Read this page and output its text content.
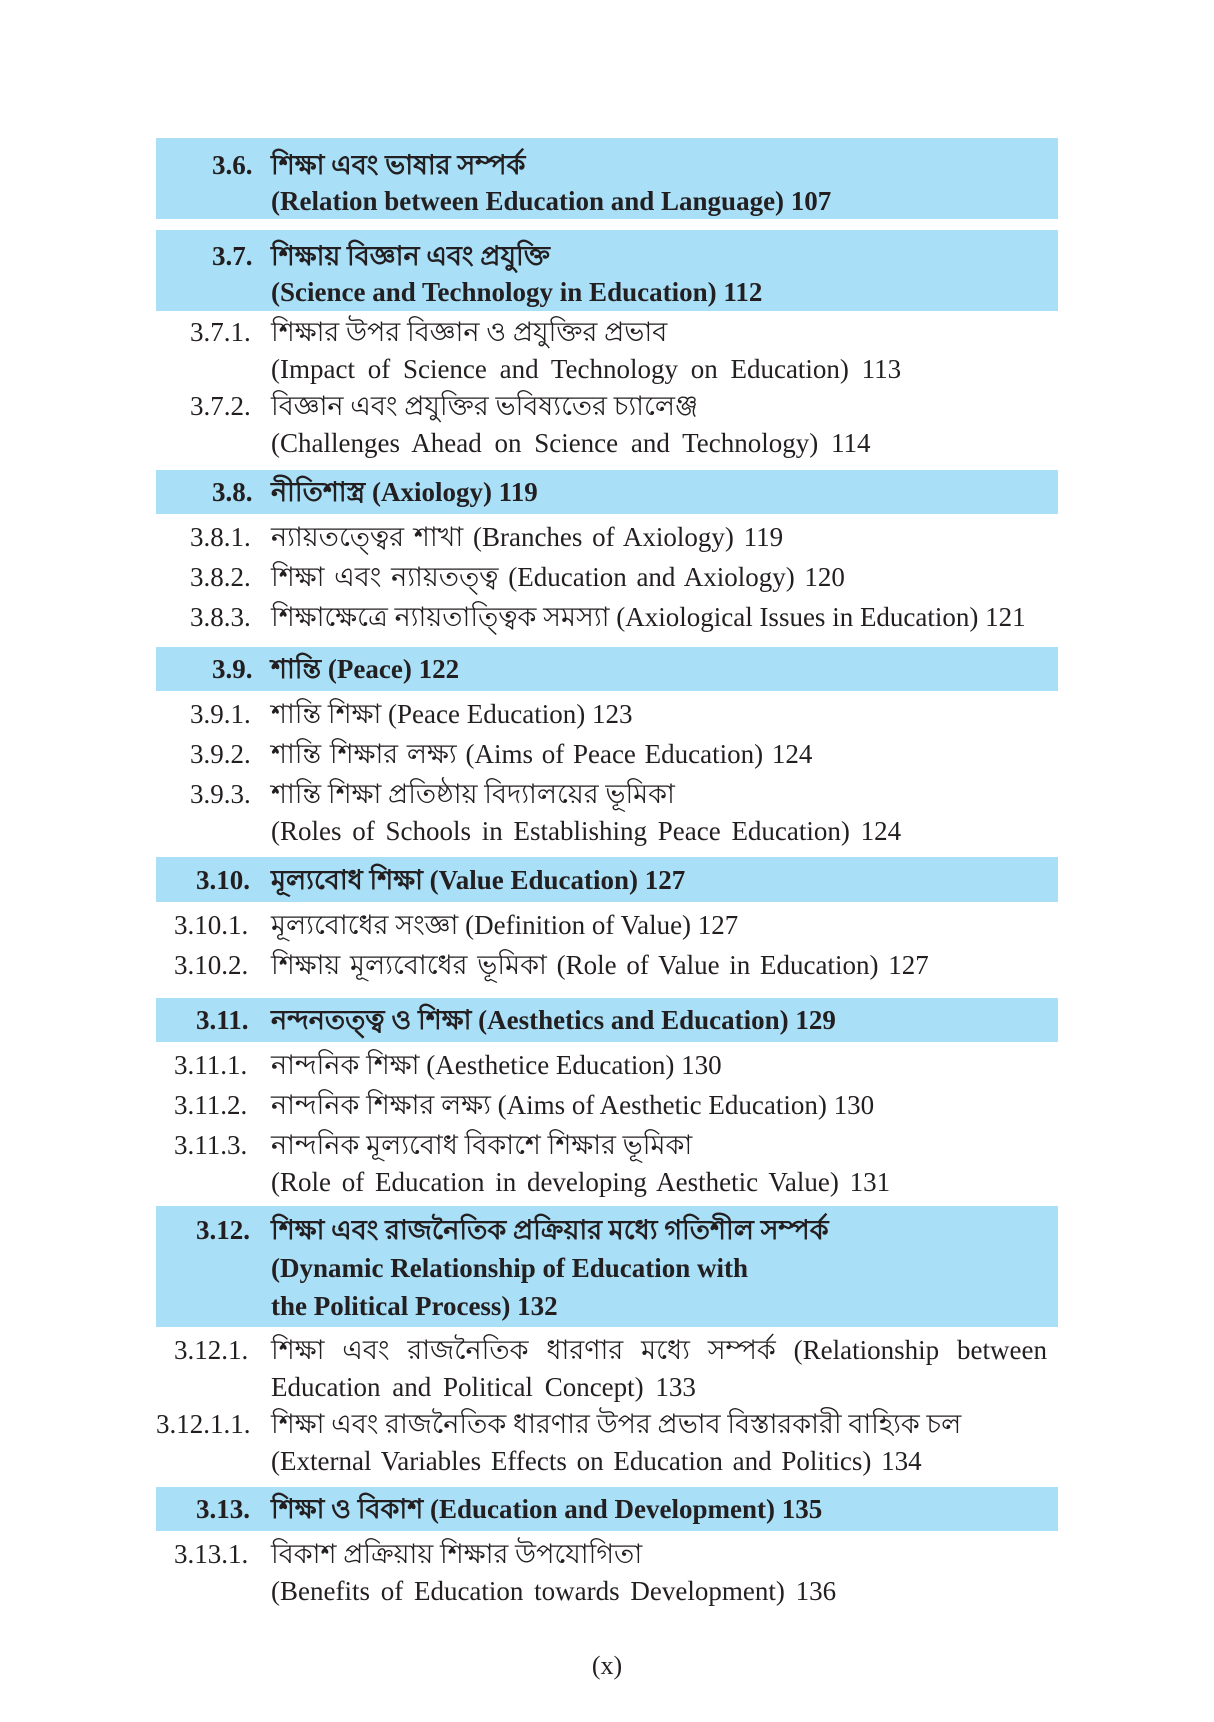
3.6. শিক্ষা এবং ভাষার সম্পর্ক
(Relation between Education and Language) 107
3.7. শিক্ষায় বিজ্ঞান এবং প্রযুক্তি
(Science and Technology in Education) 112
3.7.1. শিক্ষার উপর বিজ্ঞান ও প্রযুক্তির প্রভাব
(Impact of Science and Technology on Education) 113
3.7.2. বিজ্ঞান এবং প্রযুক্তির ভবিষ্যতের চ্যালেঞ্জ
(Challenges Ahead on Science and Technology) 114
3.8. নীতিশাস্ত্র (Axiology) 119
3.8.1. ন্যায়তত্ত্বের শাখা (Branches of Axiology) 119
3.8.2. শিক্ষা এবং ন্যায়তত্ত্ব (Education and Axiology) 120
3.8.3. শিক্ষাক্ষেত্রে ন্যায়তাত্ত্বিক সমস্যা (Axiological Issues in Education) 121
3.9. শান্তি (Peace) 122
3.9.1. শান্তি শিক্ষা (Peace Education) 123
3.9.2. শান্তি শিক্ষার লক্ষ্য (Aims of Peace Education) 124
3.9.3. শান্তি শিক্ষা প্রতিষ্ঠায় বিদ্যালয়ের ভূমিকা
(Roles of Schools in Establishing Peace Education) 124
3.10. মূল্যবোধ শিক্ষা (Value Education) 127
3.10.1. মূল্যবোধের সংজ্ঞা (Definition of Value) 127
3.10.2. শিক্ষায় মূল্যবোধের ভূমিকা (Role of Value in Education) 127
3.11. নন্দনতত্ত্ব ও শিক্ষা (Aesthetics and Education) 129
3.11.1. নান্দনিক শিক্ষা (Aesthetice Education) 130
3.11.2. নান্দনিক শিক্ষার লক্ষ্য (Aims of Aesthetic Education) 130
3.11.3. নান্দনিক মূল্যবোধ বিকাশে শিক্ষার ভূমিকা
(Role of Education in developing Aesthetic Value) 131
3.12. শিক্ষা এবং রাজনৈতিক প্রক্রিয়ার মধ্যে গতিশীল সম্পর্ক
(Dynamic Relationship of Education with
the Political Process) 132
3.12.1. শিক্ষা এবং রাজনৈতিক ধারণার মধ্যে সম্পর্ক (Relationship between
Education and Political Concept) 133
3.12.1.1. শিক্ষা এবং রাজনৈতিক ধারণার উপর প্রভাব বিস্তারকারী বাহ্যিক চল
(External Variables Effects on Education and Politics) 134
3.13. শিক্ষা ও বিকাশ (Education and Development) 135
3.13.1. বিকাশ প্রক্রিয়ায় শিক্ষার উপযোগিতা
(Benefits of Education towards Development) 136
(x)
